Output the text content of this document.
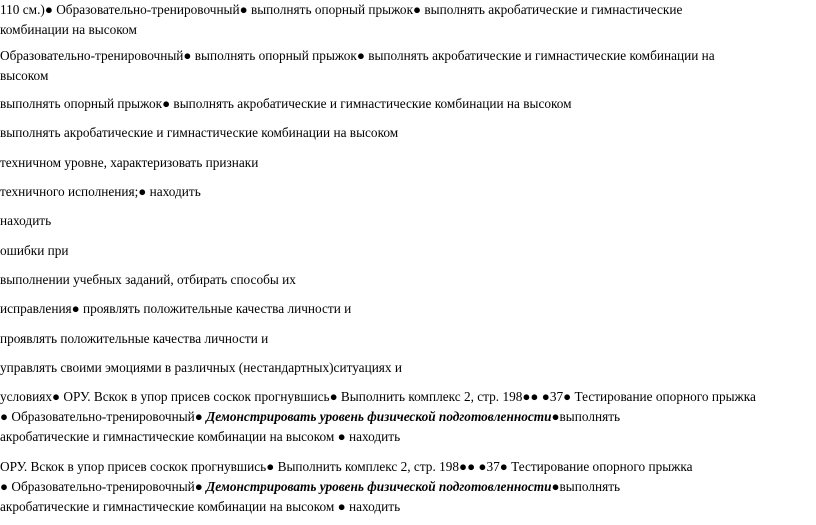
110 см.)● Образовательно-тренировочный● выполнять опорный прыжок● выполнять акробатические и гимнастические
комбинации на высоком
Образовательно-тренировочный● выполнять опорный прыжок● выполнять акробатические и гимнастические комбинации на
высоком
выполнять опорный прыжок● выполнять акробатические и гимнастические комбинации на высоком
выполнять акробатические и гимнастические комбинации на высоком
техничном уровне, характеризовать признаки
техничного исполнения;● находить
находить
ошибки при
выполнении учебных заданий, отбирать способы их
исправления● проявлять положительные качества личности и
проявлять положительные качества личности и
управлять своими эмоциями в различных (нестандартных)ситуациях и
условиях● ОРУ. Вскок в упор присев соскок прогнувшись● Выполнить комплекс 2, стр. 198●● ●37● Тестирование опорного прыжка
● Образовательно-тренировочный● Демонстрировать уровень физической подготовленности●выполнять
акробатические и гимнастические комбинации на высоком ● находить
ОРУ. Вскок в упор присев соскок прогнувшись● Выполнить комплекс 2, стр. 198●● ●37● Тестирование опорного прыжка
● Образовательно-тренировочный● Демонстрировать уровень физической подготовленности●выполнять
акробатические и гимнастические комбинации на высоком ● находить
